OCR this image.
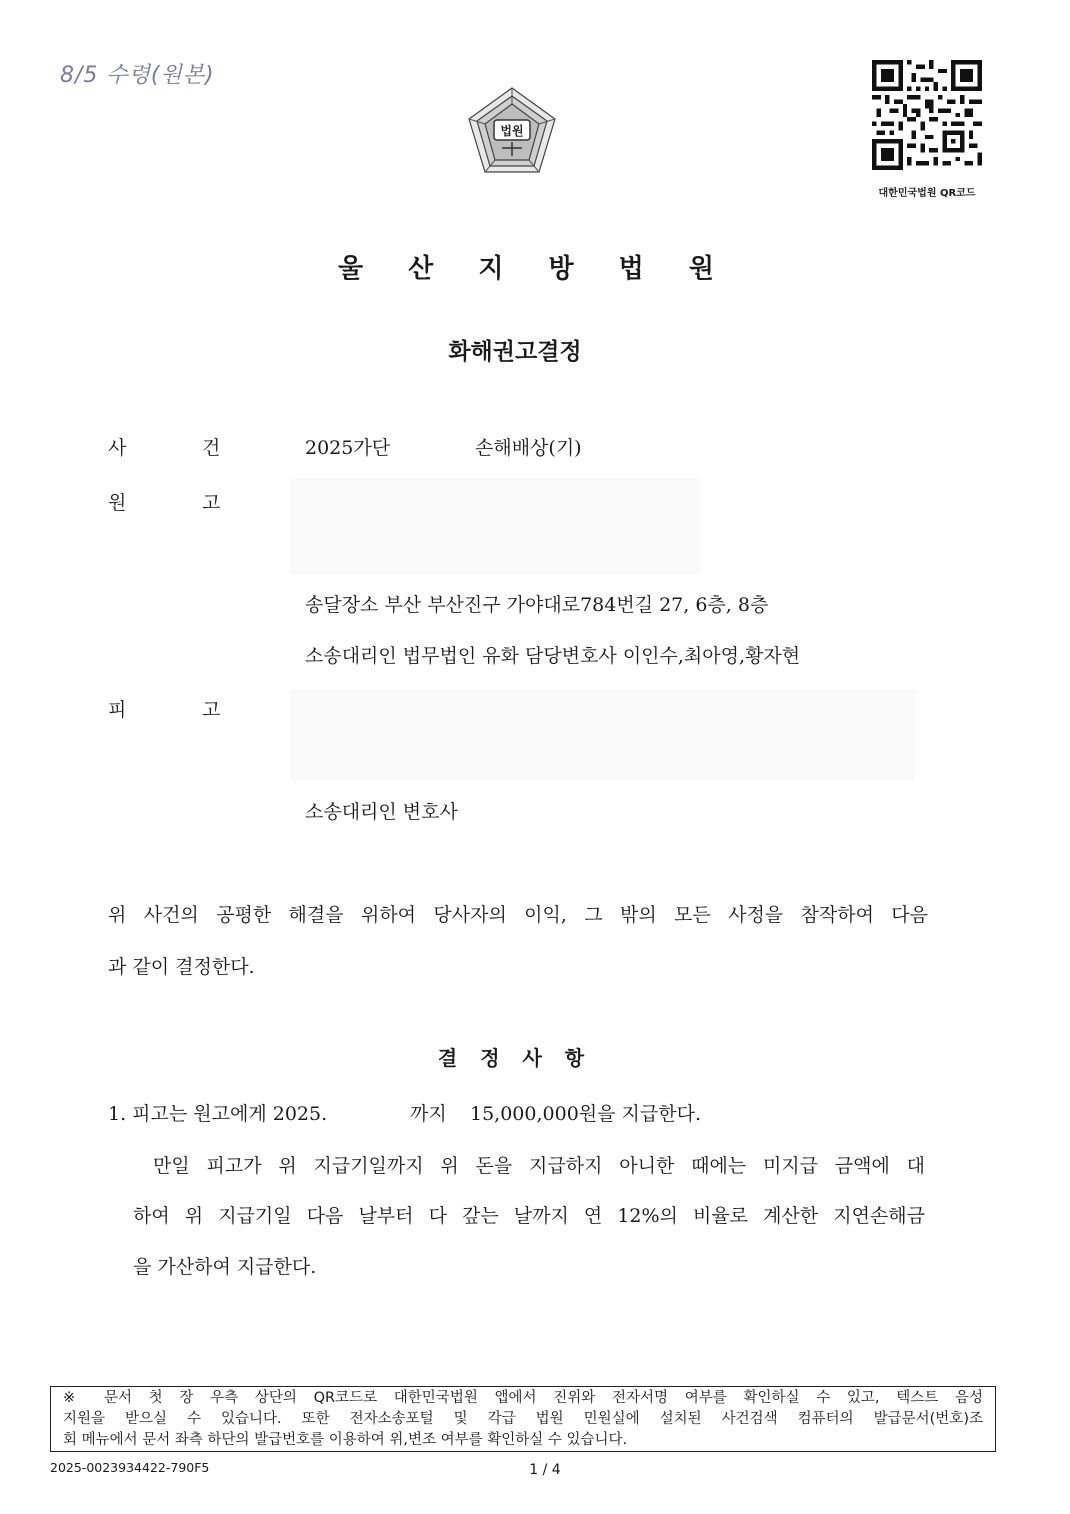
8/5 수령(원본)
법원
대한민국법원 QR코드
울 산 지 방 법 원
화해권고결정
사	건	2025가단	손해배상(기)
원	고
송달장소 부산 부산진구 가야대로784번길 27, 6층, 8층
소송대리인 법무법인 유화 담당변호사 이인수,최아영,황자현
피	고
소송대리인 변호사
위 사건의 공평한 해결을 위하여 당사자의 이익, 그 밖의 모든 사정을 참작하여 다음
과 같이 결정한다.
결 정 사 항
1. 피고는 원고에게 2025.	까지 15,000,000원을 지급한다.
만일 피고가 위 지급기일까지 위 돈을 지급하지 아니한 때에는 미지급 금액에 대
하여 위 지급기일 다음 날부터 다 갚는 날까지 연 12%의 비율로 계산한 지연손해금
을 가산하여 지급한다.
※ 문서 첫 장 우측 상단의 QR코드로 대한민국법원 앱에서 진위와 전자서명 여부를 확인하실 수 있고, 텍스트 음성
지원을 받으실 수 있습니다. 또한 전자소송포털 및 각급 법원 민원실에 설치된 사건검색 컴퓨터의 발급문서(번호)조
회 메뉴에서 문서 좌측 하단의 발급번호를 이용하여 위,변조 여부를 확인하실 수 있습니다.
2025-0023934422-790F5	1 / 4
